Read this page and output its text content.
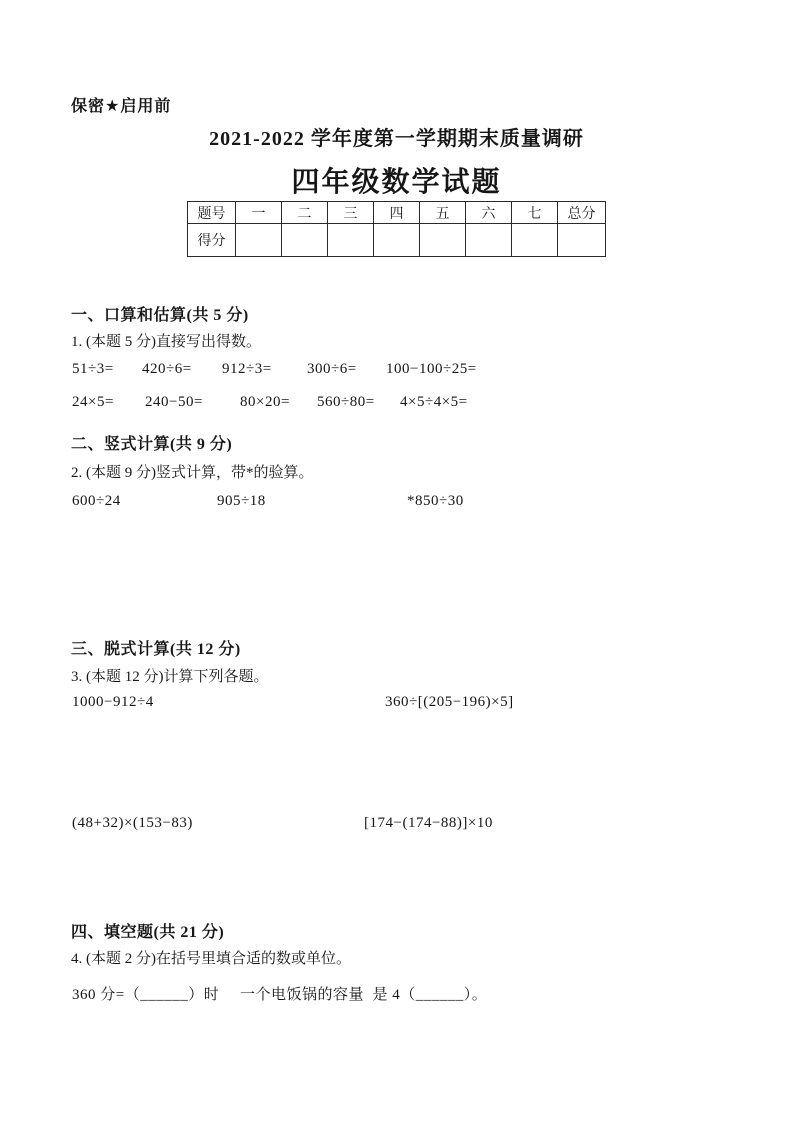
保密★启用前
2021-2022 学年度第一学期期末质量调研
四年级数学试题
题号	一	二	三	四	五	六	七	总分
得分								
一、口算和估算(共 5 分)
1. (本题 5 分)直接写出得数。
51÷3=	420÷6=	912÷3=	300÷6=	100−100÷25=
24×5=	240−50=	80×20=	560÷80=	4×5÷4×5=
二、竖式计算(共 9 分)
2. (本题 9 分)竖式计算，带*的验算。
600÷24	905÷18	*850÷30
三、脱式计算(共 12 分)
3. (本题 12 分)计算下列各题。
1000−912÷4	360÷[(205−196)×5]
(48+32)×(153−83)	[174−(174−88)]×10
四、填空题(共 21 分)
4. (本题 2 分)在括号里填合适的数或单位。
360 分=（______）时	一个电饭锅的容量  是 4（______）。
